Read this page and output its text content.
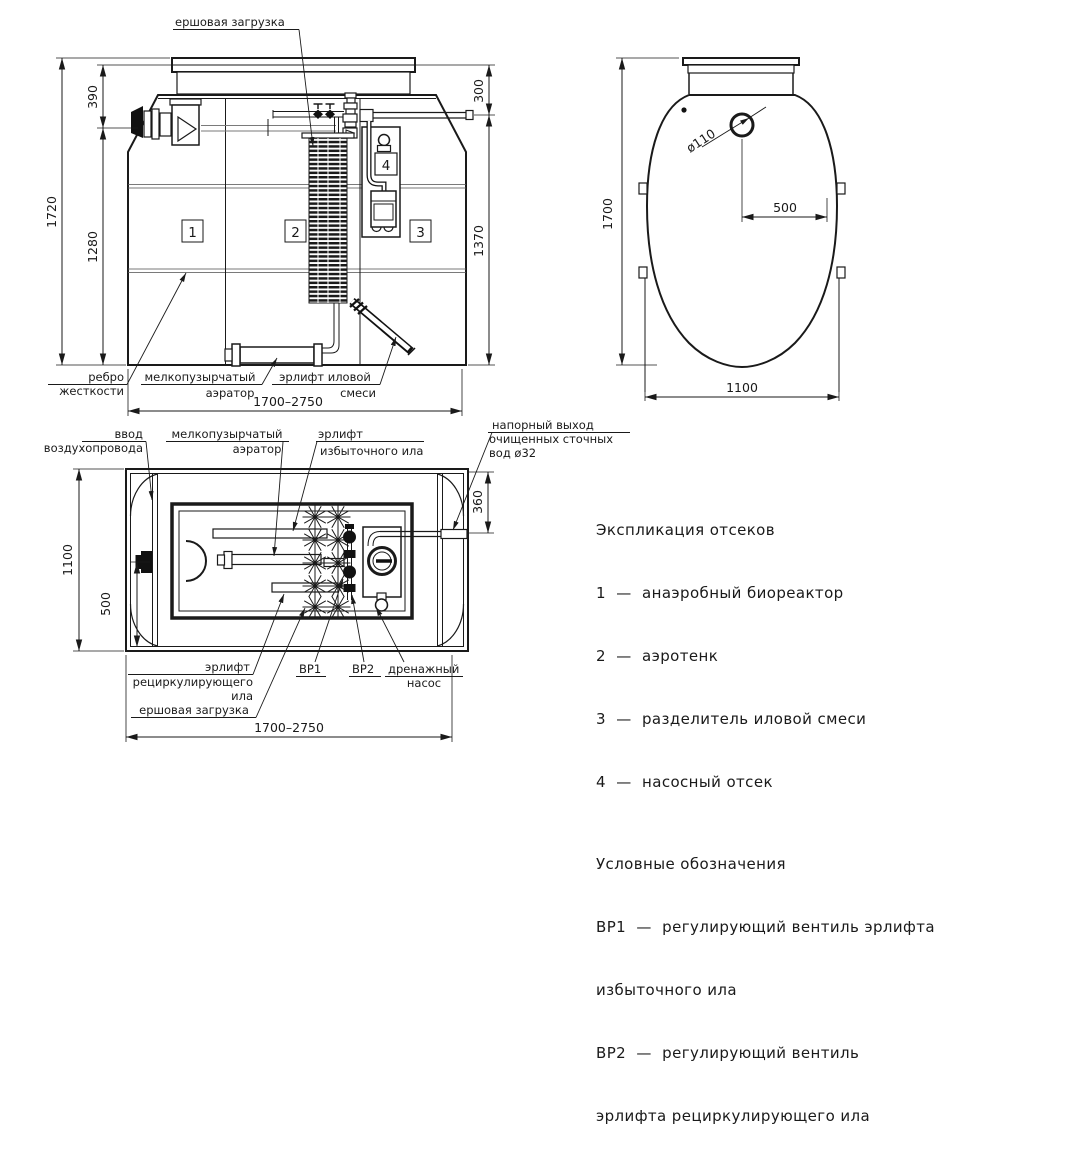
4
1	2	3
1720
390
1280
300
1370
1700–2750
ершовая загрузка
ребро
жесткости
мелкопузырчатый
аэратор
эрлифт иловой
смеси
ø110
500
1700
1100
1100
500
360
1700–2750
ввод
воздухопровода
мелкопузырчатый
аэратор
эрлифт
избыточного ила
напорный выход
очищенных сточных
вод ø32
эрлифт
рециркулирующего
ила
ершовая загрузка
ВР1	ВР2 дренажный
насос

Экспликация отсеков

1  —  анаэробный биореактор

2  —  аэротенк

3  —  разделитель иловой смеси

4  —  насосный отсек

Условные обозначения

ВР1  —  регулирующий вентиль эрлифта

избыточного ила

ВР2  —  регулирующий вентиль

эрлифта рециркулирующего ила
